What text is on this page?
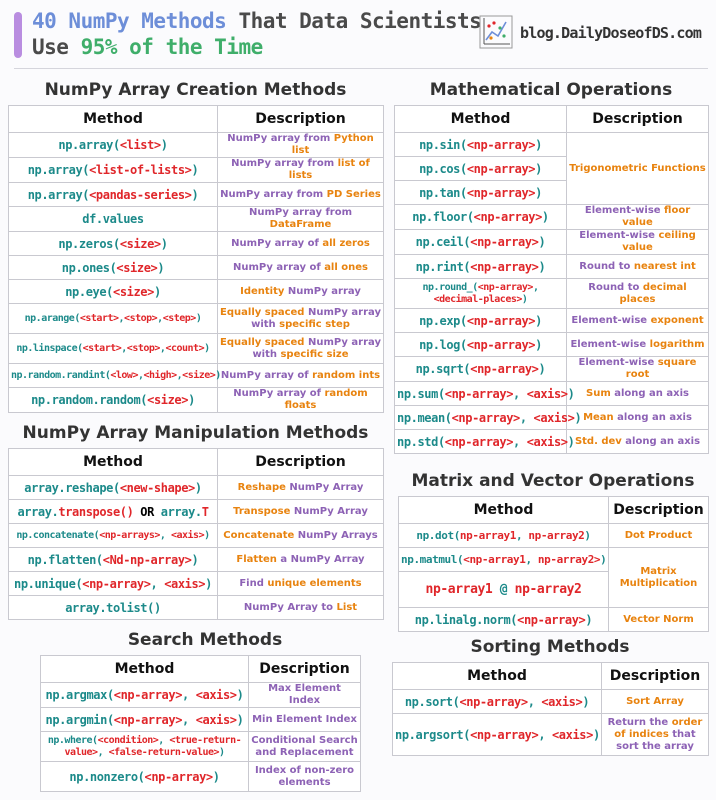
40 NumPy Methods That Data Scientists
Use 95% of the Time
blog.DailyDoseofDS.com
NumPy Array Creation Methods
Method	Description
np.array(<list>)	NumPy array from Python list
np.array(<list-of-lists>)	NumPy array from list of lists
np.array(<pandas-series>)	NumPy array from PD Series
df.values	NumPy array from DataFrame
np.zeros(<size>)	NumPy array of all zeros
np.ones(<size>)	NumPy array of all ones
np.eye(<size>)	Identity NumPy array
np.arange(<start>,<stop>,<step>)	Equally spaced NumPy array with specific step
np.linspace(<start>,<stop>,<count>)	Equally spaced NumPy array with specific size
np.random.randint(<low>,<high>,<size>)	NumPy array of random ints
np.random.random(<size>)	NumPy array of random floats
NumPy Array Manipulation Methods
Method	Description
array.reshape(<new-shape>)	Reshape NumPy Array
array.transpose() OR array.T	Transpose NumPy Array
np.concatenate(<np-arrays>, <axis>)	Concatenate NumPy Arrays
np.flatten(<Nd-np-array>)	Flatten a NumPy Array
np.unique(<np-array>, <axis>)	Find unique elements
array.tolist()	NumPy Array to List
Search Methods
Method	Description
np.argmax(<np-array>, <axis>)	Max Element Index
np.argmin(<np-array>, <axis>)	Min Element Index
np.where(<condition>, <true-return-value>, <false-return-value>)	Conditional Search and Replacement
np.nonzero(<np-array>)	Index of non-zero elements
Mathematical Operations
Method	Description
np.sin(<np-array>)	Trigonometric Functions
np.cos(<np-array>)	
np.tan(<np-array>)	
np.floor(<np-array>)	Element-wise floor value
np.ceil(<np-array>)	Element-wise ceiling value
np.rint(<np-array>)	Round to nearest int
np.round_(<np-array>, <decimal-places>)	Round to decimal places
np.exp(<np-array>)	Element-wise exponent
np.log(<np-array>)	Element-wise logarithm
np.sqrt(<np-array>)	Element-wise square root
np.sum(<np-array>, <axis>)	Sum along an axis
np.mean(<np-array>, <axis>)	Mean along an axis
np.std(<np-array>, <axis>)	Std. dev along an axis
Matrix and Vector Operations
Method	Description
np.dot(np-array1, np-array2)	Dot Product
np.matmul(<np-array1, np-array2>)	Matrix Multiplication
np-array1 @ np-array2	
np.linalg.norm(<np-array>)	Vector Norm
Sorting Methods
Method	Description
np.sort(<np-array>, <axis>)	Sort Array
np.argsort(<np-array>, <axis>)	Return the order of indices that sort the array
